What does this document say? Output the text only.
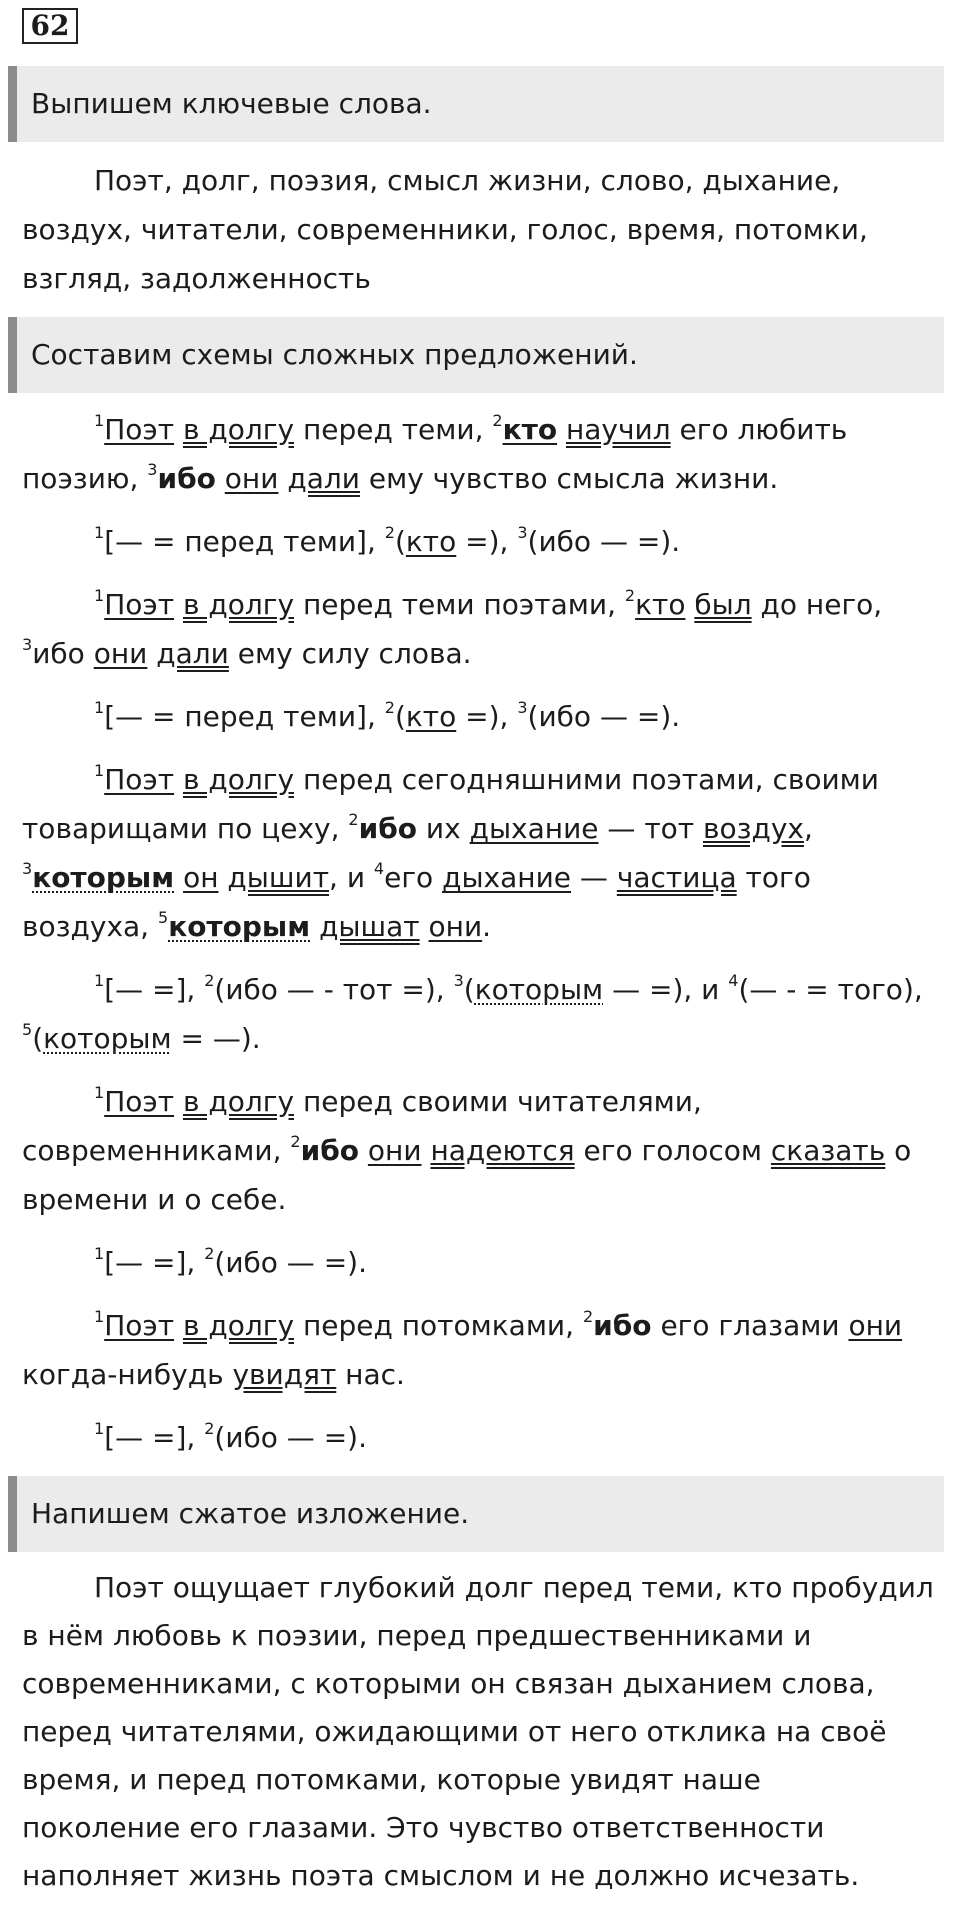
62
Выпишем ключевые слова.
Поэт, долг, поэзия, смысл жизни, слово, дыхание,
воздух, читатели, современники, голос, время, потомки,
взгляд, задолженность
Составим схемы сложных предложений.
$^1$Поэт в долгу перед теми, $^2$кто научил его любить
поэзию, $^3$ибо они дали ему чувство смысла жизни.
$^1$[— = перед теми], $^2$(кто =), $^3$(ибо — =).
$^1$Поэт в долгу перед теми поэтами, $^2$кто был до него,
$^3$ибо они дали ему силу слова.
$^1$[— = перед теми], $^2$(кто =), $^3$(ибо — =).
$^1$Поэт в долгу перед сегодняшними поэтами, своими
товарищами по цеху, $^2$ибо их дыхание — тот воздух,
$^3$которым он дышит, и $^4$его дыхание — частица того
воздуха, $^5$которым дышат они.
$^1$[— =], $^2$(ибо — - тот =), $^3$(которым — =), и $^4$(— - = того),
$^5$(которым = —).
$^1$Поэт в долгу перед своими читателями,
современниками, $^2$ибо они надеются его голосом сказать о
времени и о себе.
$^1$[— =], $^2$(ибо — =).
$^1$Поэт в долгу перед потомками, $^2$ибо его глазами они
когда-нибудь увидят нас.
$^1$[— =], $^2$(ибо — =).
Напишем сжатое изложение.
Поэт ощущает глубокий долг перед теми, кто пробудил
в нём любовь к поэзии, перед предшественниками и
современниками, с которыми он связан дыханием слова,
перед читателями, ожидающими от него отклика на своё
время, и перед потомками, которые увидят наше
поколение его глазами. Это чувство ответственности
наполняет жизнь поэта смыслом и не должно исчезать.
